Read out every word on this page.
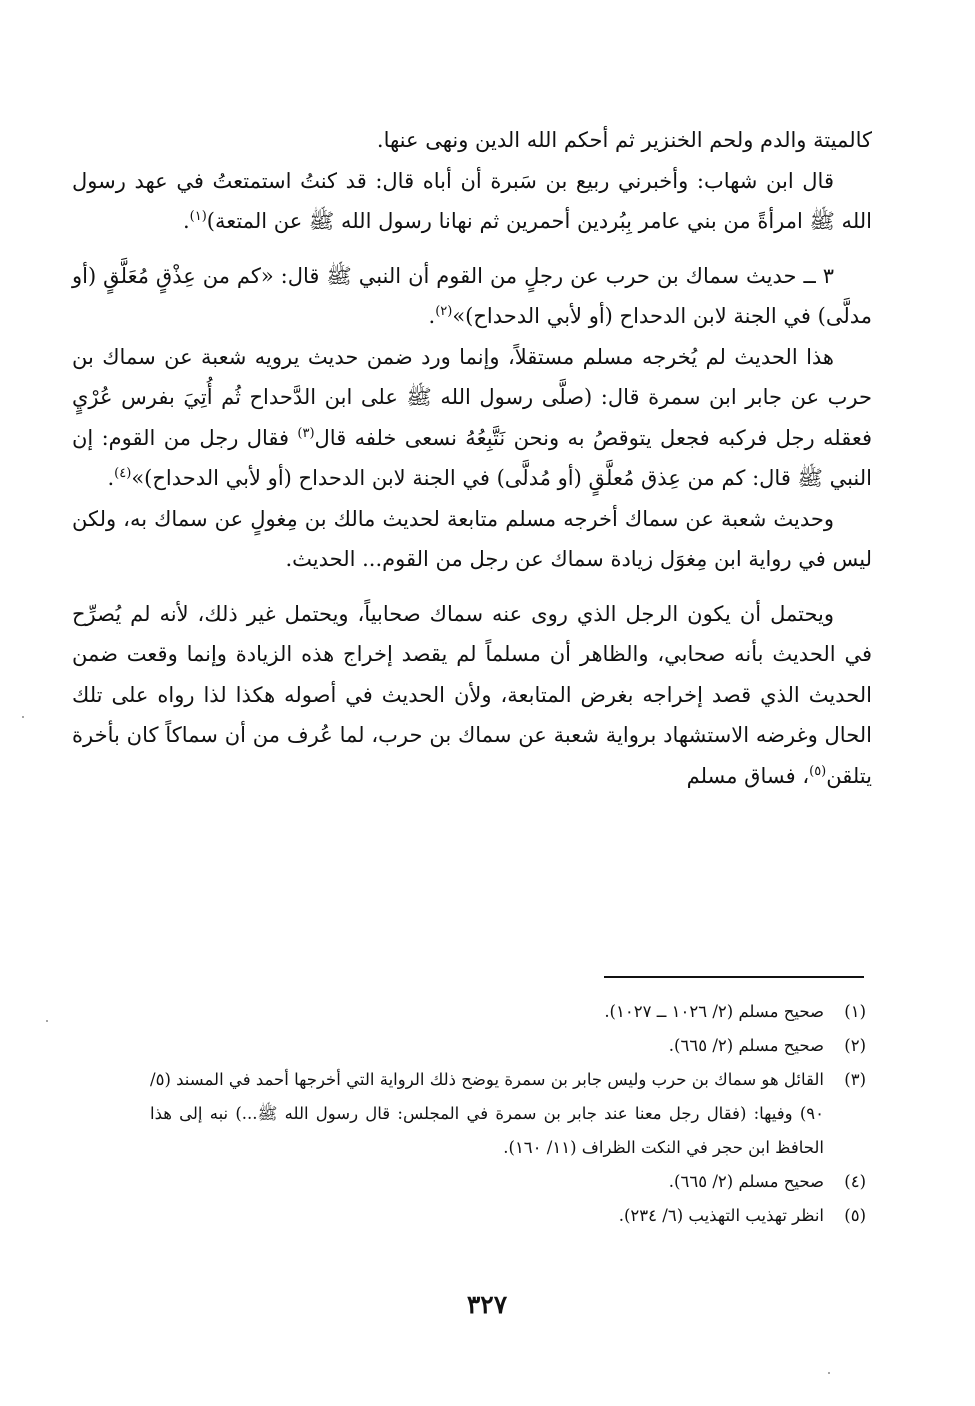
كالميتة والدم ولحم الخنزير ثم أحكم الله الدين ونهى عنها.

قال ابن شهاب: وأخبرني ربيع بن سَبرة أن أباه قال: قد كنتُ استمتعتُ في عهد رسول الله ﷺ امرأةً من بني عامر بِبُردين أحمرين ثم نهانا رسول الله ﷺ عن المتعة)$^{(١)}$.

٣ ــ حديث سماك بن حرب عن رجلٍ من القوم أن النبي ﷺ قال: «كم من عِذْقٍ مُعَلَّقٍ (أو مدلَّى) في الجنة لابن الدحداح (أو لأبي الدحداح)»$^{(٢)}$.

هذا الحديث لم يُخرجه مسلم مستقلاً، وإنما ورد ضمن حديث يرويه شعبة عن سماك بن حرب عن جابر ابن سمرة قال: (صلَّى رسول الله ﷺ على ابن الدَّحداح ثُم أُتِيَ بفرس عُرْيٍ فعقله رجل فركبه فجعل يتوقصُ به ونحن نَتَّبِعُهُ نسعى خلفه قال$^{(٣)}$ فقال رجل من القوم: إن النبي ﷺ قال: كم من عِذق مُعلَّقٍ (أو مُدلَّى) في الجنة لابن الدحداح (أو لأبي الدحداح)»$^{(٤)}$.

وحديث شعبة عن سماك أخرجه مسلم متابعة لحديث مالك بن مِغولٍ عن سماك به، ولكن ليس في رواية ابن مِغوَل زيادة سماك عن رجل من القوم... الحديث.

ويحتمل أن يكون الرجل الذي روى عنه سماك صحابياً، ويحتمل غير ذلك، لأنه لم يُصرِّح في الحديث بأنه صحابي، والظاهر أن مسلماً لم يقصد إخراج هذه الزيادة وإنما وقعت ضمن الحديث الذي قصد إخراجه بغرض المتابعة، ولأن الحديث في أصوله هكذا لذا رواه على تلك الحال وغرضه الاستشهاد برواية شعبة عن سماك بن حرب، لما عُرف من أن سماكاً كان بأخرة يتلقن$^{(٥)}$، فساق مسلم

(١)
صحيح مسلم (٢/ ١٠٢٦ ــ ١٠٢٧).
(٢)
صحيح مسلم (٢/ ٦٦٥).
(٣)
القائل هو سماك بن حرب وليس جابر بن سمرة يوضح ذلك الرواية التي أخرجها أحمد في المسند (٥/ ٩٠) وفيها: (فقال رجل معنا عند جابر بن سمرة في المجلس: قال رسول الله ﷺ...) نبه إلى هذا الحافظ ابن حجر في النكت الظراف (١١/ ١٦٠).
(٤)
صحيح مسلم (٢/ ٦٦٥).
(٥)
انظر تهذيب التهذيب (٦/ ٢٣٤).
٣٢٧
